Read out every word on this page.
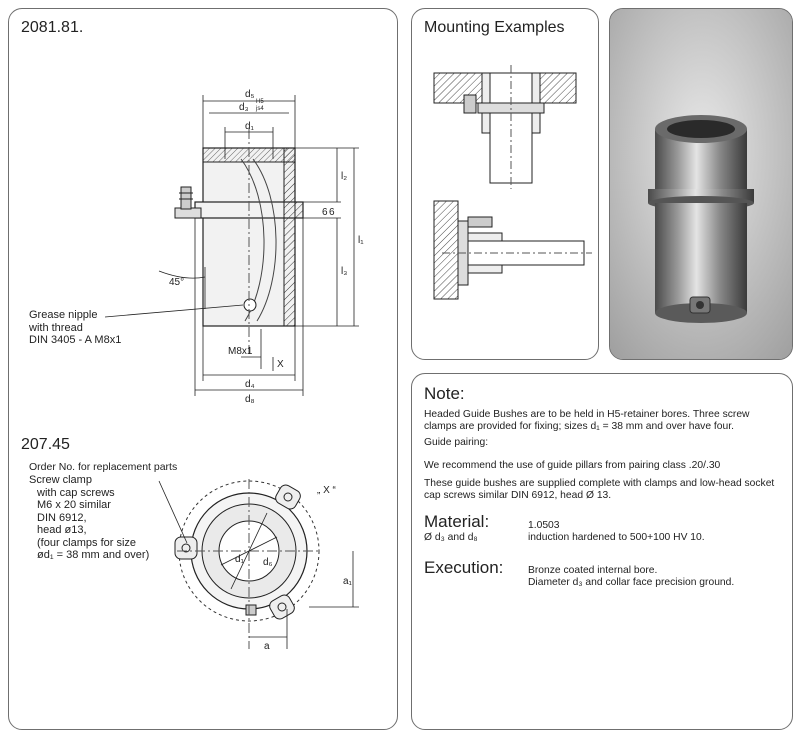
2081.81.
d₅
d₃ H5
js4
d₁
l₂
l₁
l₃
6 6
45°
M8x1
X
d₄
d₈
d₁ d₆
a₁
a
„ X “
Grease nipple
with thread
DIN 3405 - A M8x1
207.45
Order No. for replacement parts
Screw clamp
with cap screws
M6 x 20 similar
DIN 6912,
head ø13,
(four clamps for size
ød₁ = 38 mm and over)
Mounting Examples
Note:
Headed Guide Bushes are to be held in H5-retainer bores. Three screw clamps are provided for fixing; sizes d₁ = 38 mm and over have four.
Guide pairing:
We recommend the use of guide pillars from pairing class .20/.30
These guide bushes are supplied complete with clamps and low-head socket cap screws similar DIN 6912, head Ø 13.
Material:
Ø d₃ and d₈
1.0503
induction hardened to 500+100 HV 10.
Execution: Bronze coated internal bore.
Diameter d₃ and collar face precision ground.
